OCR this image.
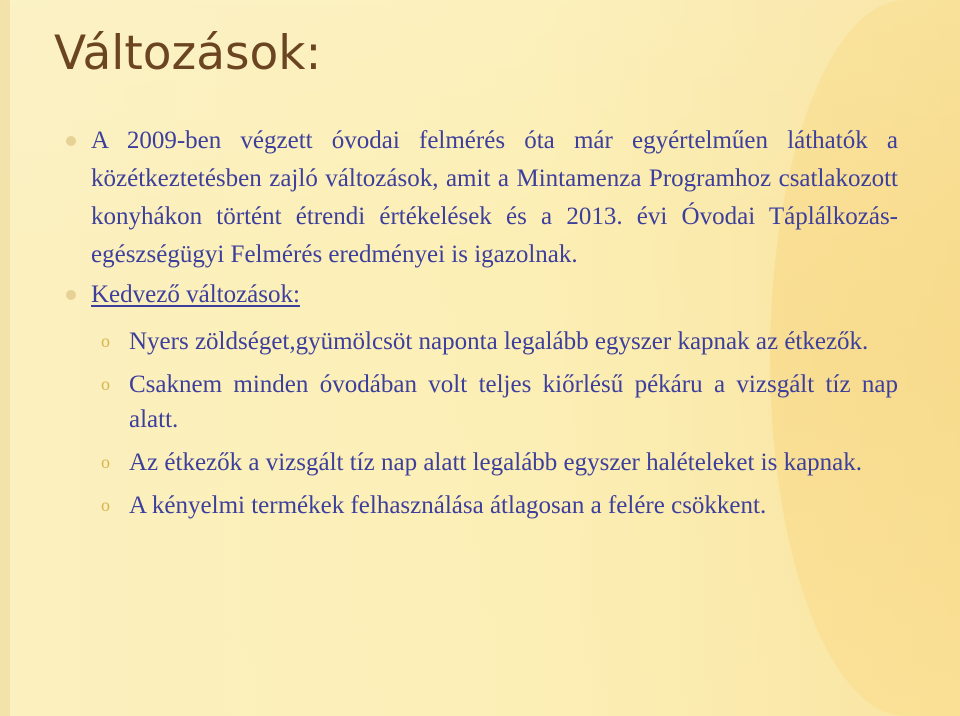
Változások:

A 2009-ben végzett óvodai felmérés óta már egyértelműen láthatók a közétkeztetésben zajló változások, amit a Mintamenza Programhoz csatlakozott konyhákon történt étrendi értékelések és a 2013. évi Óvodai Táplálkozás-egészségügyi Felmérés eredményei is igazolnak.

Kedvező változások:

o Nyers zöldséget,gyümölcsöt naponta legalább egyszer kapnak az étkezők.
o Csaknem minden óvodában volt teljes kiőrlésű pékáru a vizsgált tíz nap alatt.
o Az étkezők a vizsgált tíz nap alatt legalább egyszer halételeket is kapnak.
o A kényelmi termékek felhasználása átlagosan a felére csökkent.
